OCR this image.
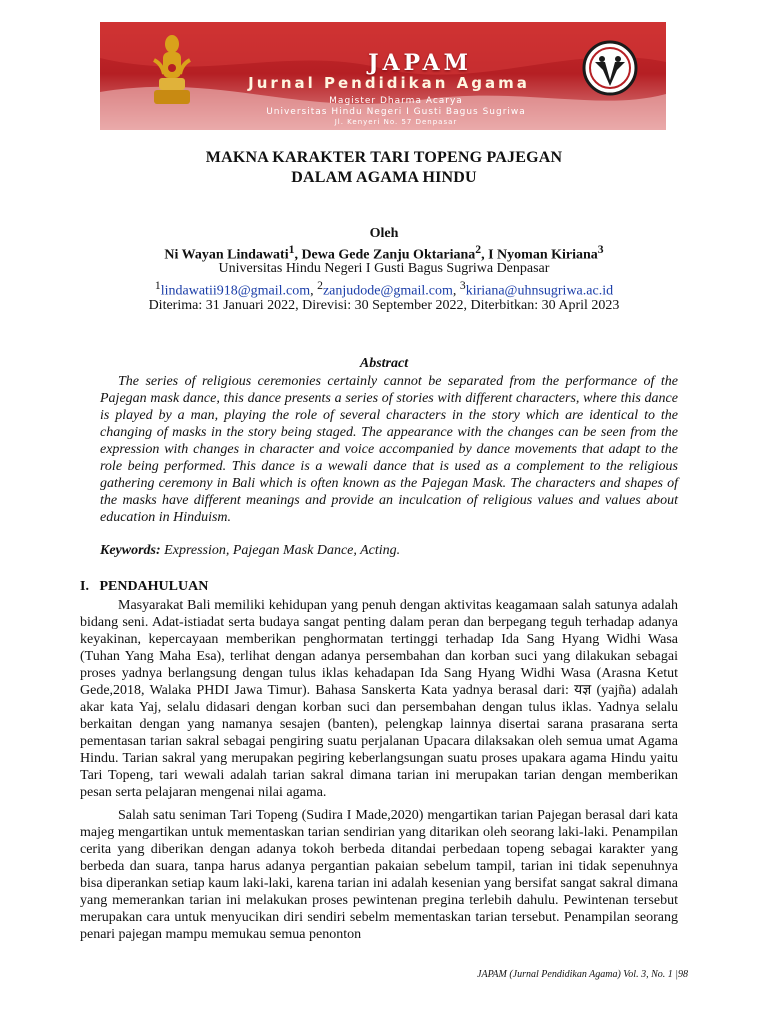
JAPAM
Jurnal Pendidikan Agama
Magister Dharma Acarya
Universitas Hindu Negeri I Gusti Bagus Sugriwa
Jl. Kenyeri No. 57 Denpasar
MAKNA KARAKTER TARI TOPENG PAJEGAN
DALAM AGAMA HINDU
Oleh
Ni Wayan Lindawati$^1$, Dewa Gede Zanju Oktariana$^2$, I Nyoman Kiriana$^3$
Universitas Hindu Negeri I Gusti Bagus Sugriwa Denpasar
$^1$lindawatii918@gmail.com, $^2$zanjudode@gmail.com, $^3$kiriana@uhnsugriwa.ac.id
Diterima: 31 Januari 2022, Direvisi: 30 September 2022, Diterbitkan: 30 April 2023
Abstract
The series of religious ceremonies certainly cannot be separated from the performance of the Pajegan mask dance, this dance presents a series of stories with different characters, where this dance is played by a man, playing the role of several characters in the story which are identical to the changing of masks in the story being staged. The appearance with the changes can be seen from the expression with changes in character and voice accompanied by dance movements that adapt to the role being performed. This dance is a wewali dance that is used as a complement to the religious gathering ceremony in Bali which is often known as the Pajegan Mask. The characters and shapes of the masks have different meanings and provide an inculcation of religious values and values about education in Hinduism.
Keywords: Expression, Pajegan Mask Dance, Acting.
I.   PENDAHULUAN
Masyarakat Bali memiliki kehidupan yang penuh dengan aktivitas keagamaan salah satunya adalah bidang seni. Adat-istiadat serta budaya sangat penting dalam peran dan berpegang teguh terhadap adanya keyakinan, kepercayaan memberikan penghormatan tertinggi terhadap Ida Sang Hyang Widhi Wasa (Tuhan Yang Maha Esa), terlihat dengan adanya persembahan dan korban suci yang dilakukan sebagai proses yadnya berlangsung dengan tulus iklas kehadapan Ida Sang Hyang Widhi Wasa (Arasna Ketut Gede,2018, Walaka PHDI Jawa Timur). Bahasa Sanskerta Kata yadnya berasal dari: यज्ञ (yajña) adalah akar kata Yaj, selalu didasari dengan korban suci dan persembahan dengan tulus iklas. Yadnya selalu berkaitan dengan yang namanya sesajen (banten), pelengkap lainnya disertai sarana prasarana serta pementasan tarian sakral sebagai pengiring suatu perjalanan Upacara dilaksakan oleh semua umat Agama Hindu. Tarian sakral yang merupakan pegiring keberlangsungan suatu proses upakara agama Hindu yaitu Tari Topeng, tari wewali adalah tarian sakral dimana tarian ini merupakan tarian dengan memberikan pesan serta pelajaran mengenai nilai agama.
Salah satu seniman Tari Topeng (Sudira I Made,2020) mengartikan tarian Pajegan berasal dari kata majeg mengartikan untuk mementaskan tarian sendirian yang ditarikan oleh seorang laki-laki. Penampilan cerita yang diberikan dengan adanya tokoh berbeda ditandai perbedaan topeng sebagai karakter yang berbeda dan suara, tanpa harus adanya pergantian pakaian sebelum tampil, tarian ini tidak sepenuhnya bisa diperankan setiap kaum laki-laki, karena tarian ini adalah kesenian yang bersifat sangat sakral dimana yang memerankan tarian ini melakukan proses pewintenan pregina terlebih dahulu. Pewintenan tersebut merupakan cara untuk menyucikan diri sendiri sebelm mementaskan tarian tersebut. Penampilan seorang penari pajegan mampu memukau semua penonton
JAPAM (Jurnal Pendidikan Agama) Vol. 3, No. 1 |98
